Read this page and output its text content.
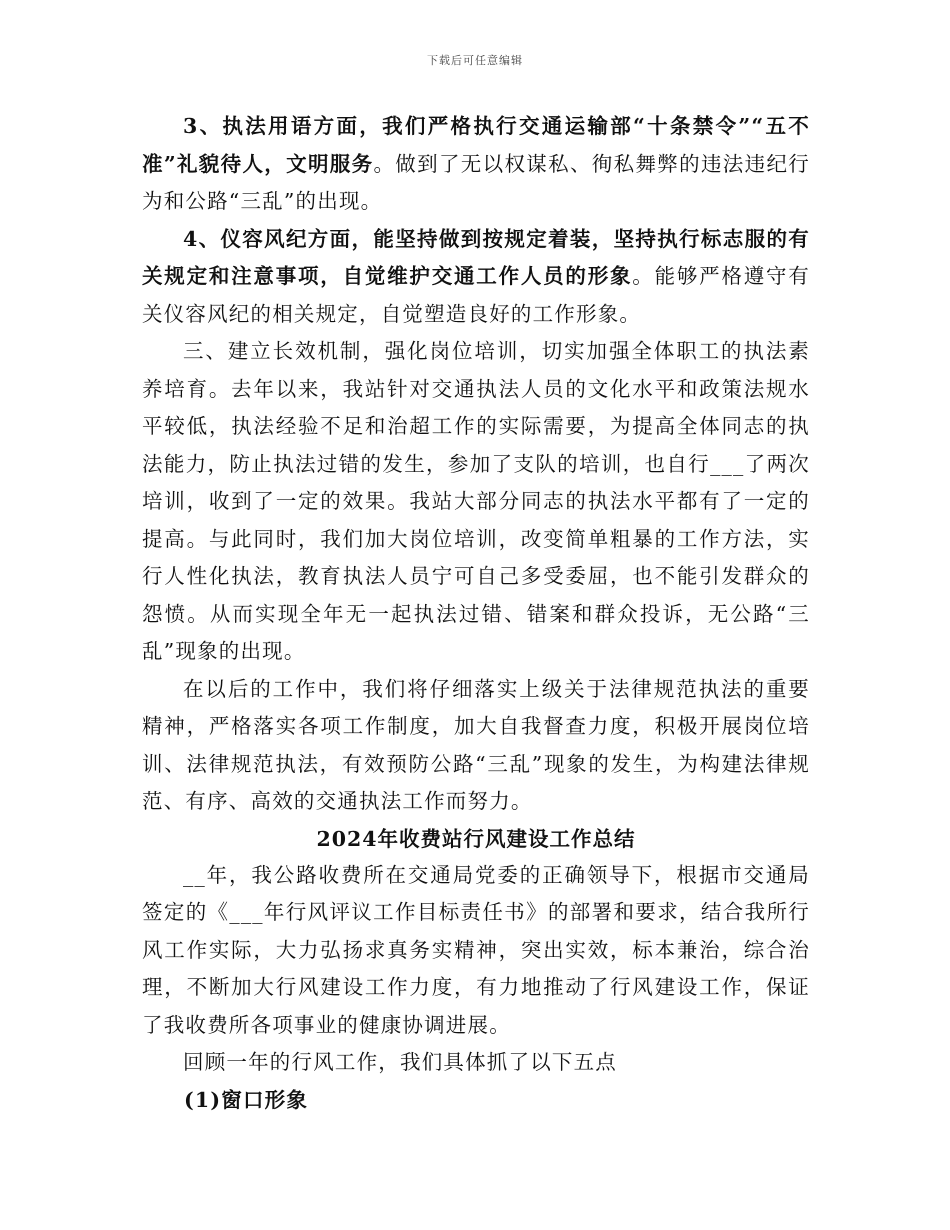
下载后可任意编辑

3、执法用语方面，我们严格执行交通运输部“十条禁令”“五不准”礼貌待人，文明服务。做到了无以权谋私、徇私舞弊的违法违纪行为和公路“三乱”的出现。

4、仪容风纪方面，能坚持做到按规定着装，坚持执行标志服的有关规定和注意事项，自觉维护交通工作人员的形象。能够严格遵守有关仪容风纪的相关规定，自觉塑造良好的工作形象。

三、建立长效机制，强化岗位培训，切实加强全体职工的执法素养培育。去年以来，我站针对交通执法人员的文化水平和政策法规水平较低，执法经验不足和治超工作的实际需要，为提高全体同志的执法能力，防止执法过错的发生，参加了支队的培训，也自行___了两次培训，收到了一定的效果。我站大部分同志的执法水平都有了一定的提高。与此同时，我们加大岗位培训，改变简单粗暴的工作方法，实行人性化执法，教育执法人员宁可自己多受委屈，也不能引发群众的怨愤。从而实现全年无一起执法过错、错案和群众投诉，无公路“三乱”现象的出现。

在以后的工作中，我们将仔细落实上级关于法律规范执法的重要精神，严格落实各项工作制度，加大自我督查力度，积极开展岗位培训、法律规范执法，有效预防公路“三乱”现象的发生，为构建法律规范、有序、高效的交通执法工作而努力。

2024年收费站行风建设工作总结

__年，我公路收费所在交通局党委的正确领导下，根据市交通局签定的《___年行风评议工作目标责任书》的部署和要求，结合我所行风工作实际，大力弘扬求真务实精神，突出实效，标本兼治，综合治理，不断加大行风建设工作力度，有力地推动了行风建设工作，保证了我收费所各项事业的健康协调进展。

回顾一年的行风工作，我们具体抓了以下五点

(1)窗口形象
